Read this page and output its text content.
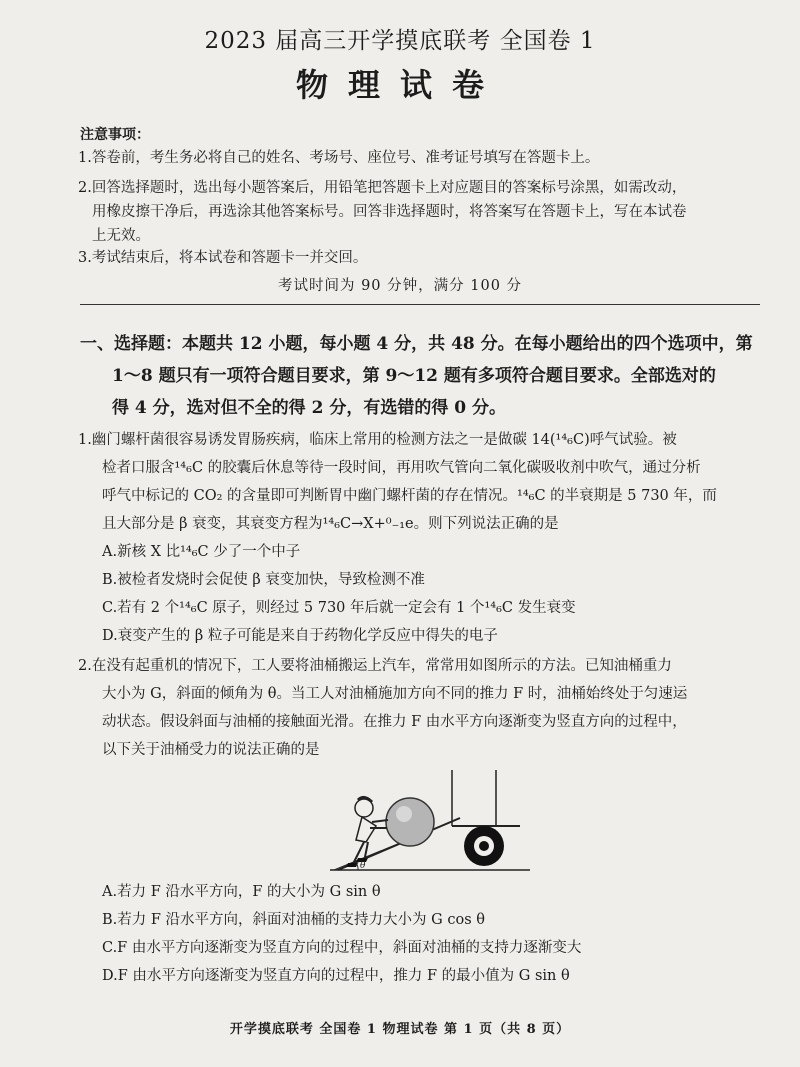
2023 届高三开学摸底联考 全国卷 1
物理试卷
注意事项：
1.答卷前，考生务必将自己的姓名、考场号、座位号、准考证号填写在答题卡上。
2.回答选择题时，选出每小题答案后，用铅笔把答题卡上对应题目的答案标号涂黑，如需改动，
用橡皮擦干净后，再选涂其他答案标号。回答非选择题时，将答案写在答题卡上，写在本试卷
上无效。
3.考试结束后，将本试卷和答题卡一并交回。
考试时间为 90 分钟，满分 100 分
一、选择题：本题共 12 小题，每小题 4 分，共 48 分。在每小题给出的四个选项中，第
1～8 题只有一项符合题目要求，第 9～12 题有多项符合题目要求。全部选对的
得 4 分，选对但不全的得 2 分，有选错的得 0 分。
1.幽门螺杆菌很容易诱发胃肠疾病，临床上常用的检测方法之一是做碳 14(¹⁴₆C)呼气试验。被
检者口服含¹⁴₆C 的胶囊后休息等待一段时间，再用吹气管向二氧化碳吸收剂中吹气，通过分析
呼气中标记的 CO₂ 的含量即可判断胃中幽门螺杆菌的存在情况。¹⁴₆C 的半衰期是 5 730 年，而
且大部分是 β 衰变，其衰变方程为¹⁴₆C→X+⁰₋₁e。则下列说法正确的是
A.新核 X 比¹⁴₆C 少了一个中子
B.被检者发烧时会促使 β 衰变加快，导致检测不准
C.若有 2 个¹⁴₆C 原子，则经过 5 730 年后就一定会有 1 个¹⁴₆C 发生衰变
D.衰变产生的 β 粒子可能是来自于药物化学反应中得失的电子
2.在没有起重机的情况下，工人要将油桶搬运上汽车，常常用如图所示的方法。已知油桶重力
大小为 G，斜面的倾角为 θ。当工人对油桶施加方向不同的推力 F 时，油桶始终处于匀速运
动状态。假设斜面与油桶的接触面光滑。在推力 F 由水平方向逐渐变为竖直方向的过程中，
以下关于油桶受力的说法正确的是
θ
A.若力 F 沿水平方向，F 的大小为 G sin θ
B.若力 F 沿水平方向，斜面对油桶的支持力大小为 G cos θ
C.F 由水平方向逐渐变为竖直方向的过程中，斜面对油桶的支持力逐渐变大
D.F 由水平方向逐渐变为竖直方向的过程中，推力 F 的最小值为 G sin θ
开学摸底联考 全国卷 1 物理试卷 第 1 页（共 8 页）
